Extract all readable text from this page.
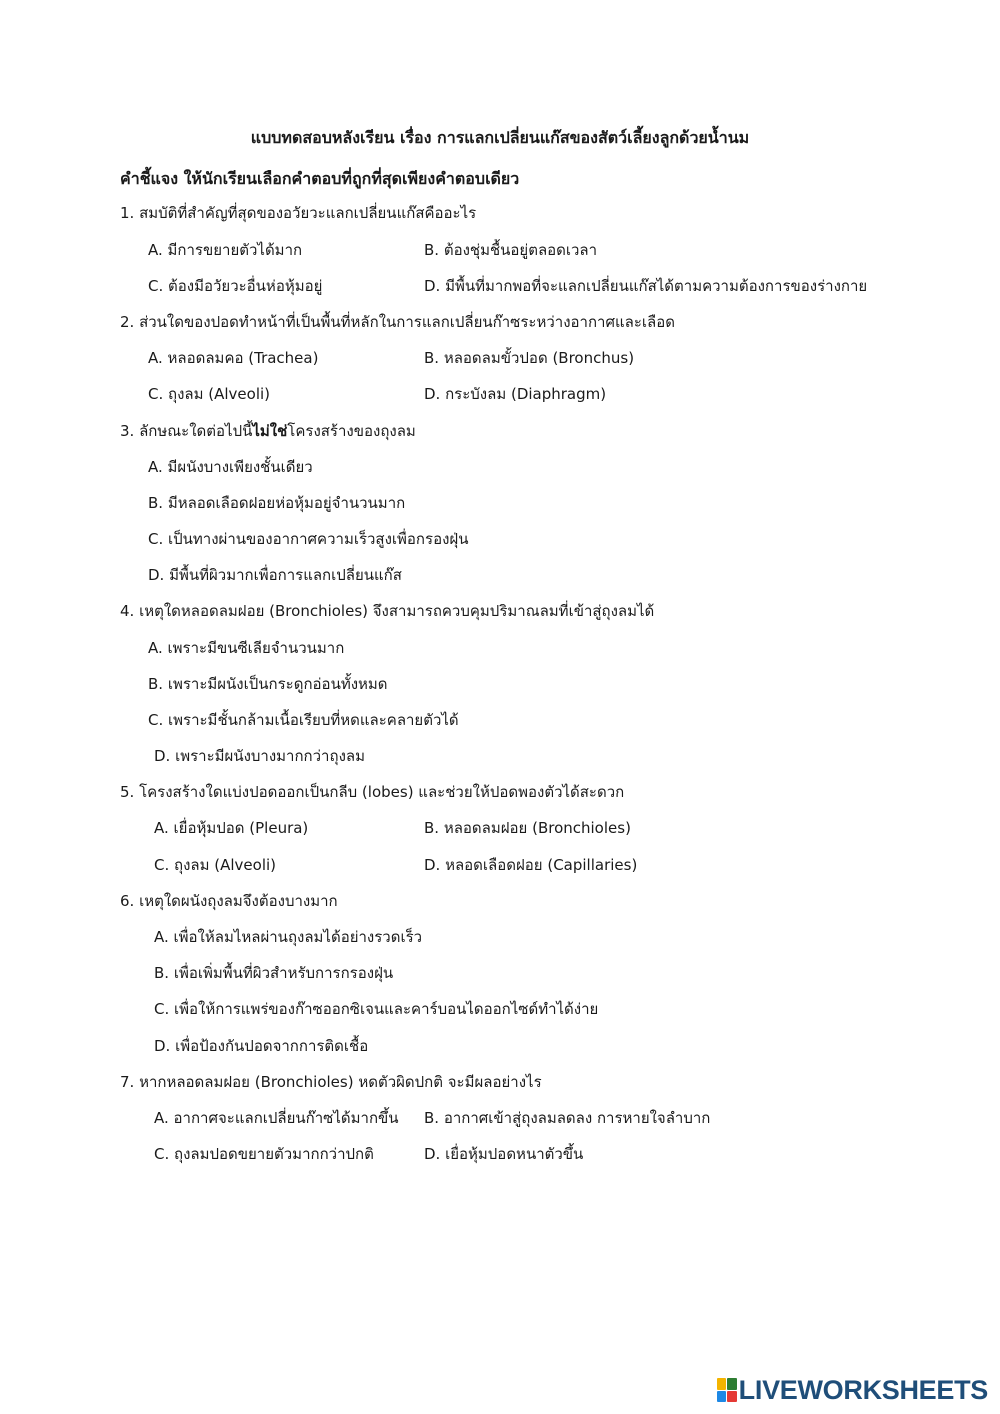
แบบทดสอบหลังเรียน เรื่อง การแลกเปลี่ยนแก๊สของสัตว์เลี้ยงลูกด้วยน้ำนม
คำชี้แจง ให้นักเรียนเลือกคำตอบที่ถูกที่สุดเพียงคำตอบเดียว
1. สมบัติที่สำคัญที่สุดของอวัยวะแลกเปลี่ยนแก๊สคืออะไร
A. มีการขยายตัวได้มาก	B. ต้องชุ่มชื้นอยู่ตลอดเวลา
C. ต้องมีอวัยวะอื่นห่อหุ้มอยู่	D. มีพื้นที่มากพอที่จะแลกเปลี่ยนแก๊สได้ตามความต้องการของร่างกาย
2. ส่วนใดของปอดทำหน้าที่เป็นพื้นที่หลักในการแลกเปลี่ยนก๊าซระหว่างอากาศและเลือด
A. หลอดลมคอ (Trachea)	B. หลอดลมขั้วปอด (Bronchus)
C. ถุงลม (Alveoli)	D. กระบังลม (Diaphragm)
3. ลักษณะใดต่อไปนี้ไม่ใช่โครงสร้างของถุงลม
A. มีผนังบางเพียงชั้นเดียว
B. มีหลอดเลือดฝอยห่อหุ้มอยู่จำนวนมาก
C. เป็นทางผ่านของอากาศความเร็วสูงเพื่อกรองฝุ่น
D. มีพื้นที่ผิวมากเพื่อการแลกเปลี่ยนแก๊ส
4. เหตุใดหลอดลมฝอย (Bronchioles) จึงสามารถควบคุมปริมาณลมที่เข้าสู่ถุงลมได้
A. เพราะมีขนซีเลียจำนวนมาก
B. เพราะมีผนังเป็นกระดูกอ่อนทั้งหมด
C. เพราะมีชั้นกล้ามเนื้อเรียบที่หดและคลายตัวได้
D. เพราะมีผนังบางมากกว่าถุงลม
5. โครงสร้างใดแบ่งปอดออกเป็นกลีบ (lobes) และช่วยให้ปอดพองตัวได้สะดวก
A. เยื่อหุ้มปอด (Pleura)	B. หลอดลมฝอย (Bronchioles)
C. ถุงลม (Alveoli)	D. หลอดเลือดฝอย (Capillaries)
6. เหตุใดผนังถุงลมจึงต้องบางมาก
A. เพื่อให้ลมไหลผ่านถุงลมได้อย่างรวดเร็ว
B. เพื่อเพิ่มพื้นที่ผิวสำหรับการกรองฝุ่น
C. เพื่อให้การแพร่ของก๊าซออกซิเจนและคาร์บอนไดออกไซด์ทำได้ง่าย
D. เพื่อป้องกันปอดจากการติดเชื้อ
7. หากหลอดลมฝอย (Bronchioles) หดตัวผิดปกติ จะมีผลอย่างไร
A. อากาศจะแลกเปลี่ยนก๊าซได้มากขึ้น B. อากาศเข้าสู่ถุงลมลดลง การหายใจลำบาก
C. ถุงลมปอดขยายตัวมากกว่าปกติ	D. เยื่อหุ้มปอดหนาตัวขึ้น
LIVEWORKSHEETS
